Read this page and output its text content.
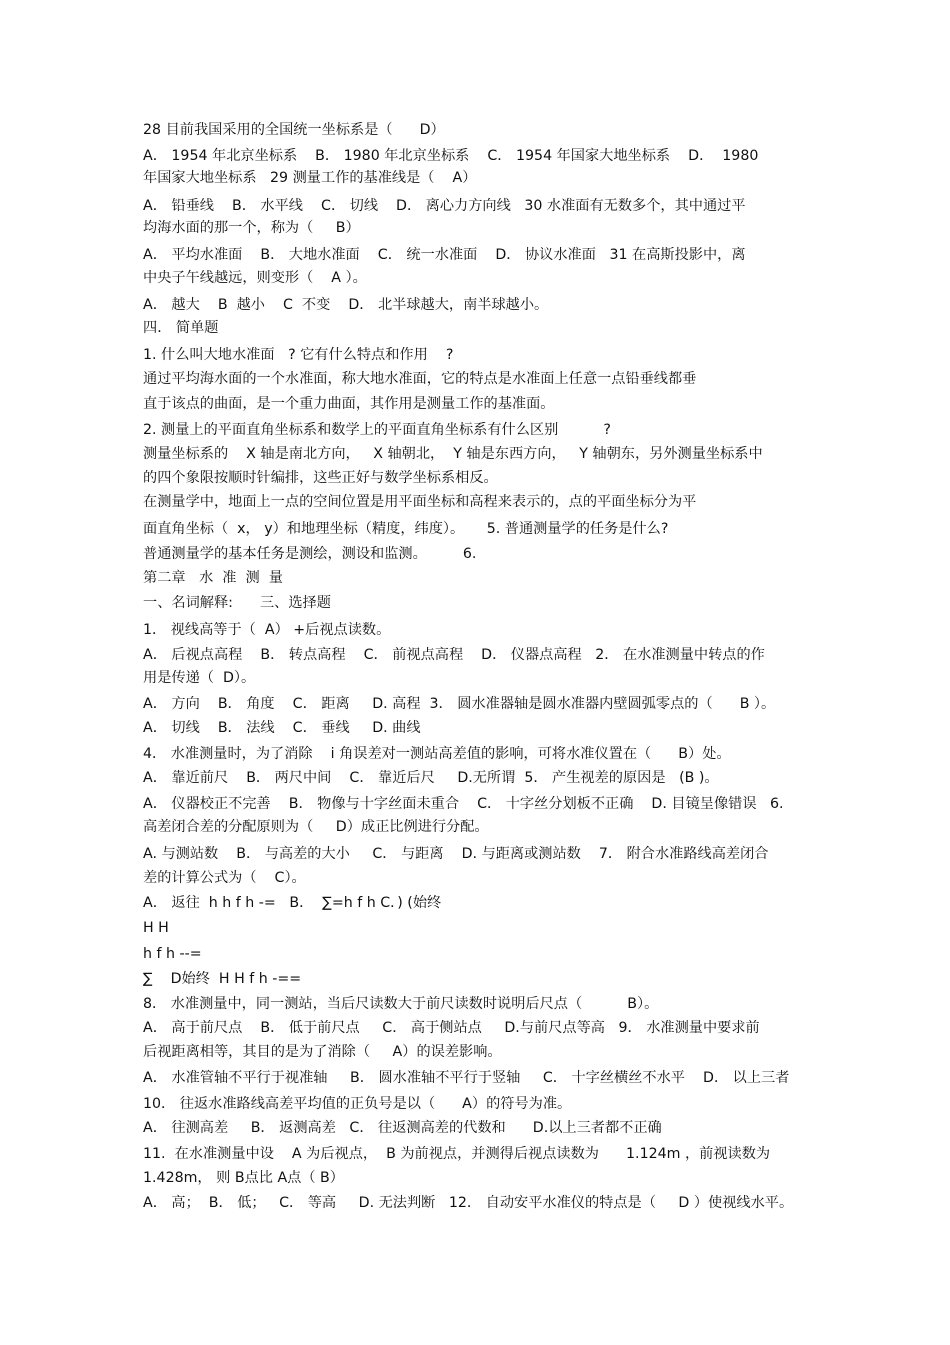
28 目前我国采用的全国统一坐标系是（      D）
A． 1954 年北京坐标系    B． 1980 年北京坐标系    C． 1954 年国家大地坐标系    D．  1980
年国家大地坐标系   29 测量工作的基准线是（    A）
A． 铅垂线    B． 水平线    C． 切线    D． 离心力方向线   30 水准面有无数多个，其中通过平
均海水面的那一个，称为（     B）
A． 平均水准面    B． 大地水准面    C． 统一水准面    D． 协议水准面   31 在高斯投影中，离
中央子午线越远，则变形（    A ）。
A． 越大    B  越小    C  不变    D． 北半球越大，南半球越小。
四． 简单题
1. 什么叫大地水准面   ? 它有什么特点和作用    ?
通过平均海水面的一个水准面，称大地水准面，它的特点是水准面上任意一点铅垂线都垂
直于该点的曲面，是一个重力曲面，其作用是测量工作的基准面。
2. 测量上的平面直角坐标系和数学上的平面直角坐标系有什么区别          ?
测量坐标系的    X 轴是南北方向，   X 轴朝北，  Y 轴是东西方向，   Y 轴朝东，另外测量坐标系中
的四个象限按顺时针编排，这些正好与数学坐标系相反。
在测量学中，地面上一点的空间位置是用平面坐标和高程来表示的，点的平面坐标分为平
面直角坐标（  x， y）和地理坐标（精度，纬度）。     5. 普通测量学的任务是什么?
普通测量学的基本任务是测绘，测设和监测。        6.
第二章   水  准  测  量
一、名词解释:      三、选择题
1． 视线高等于（  A） +后视点读数。
A． 后视点高程    B． 转点高程    C． 前视点高程    D． 仪器点高程   2． 在水准测量中转点的作
用是传递（  D）。
A． 方向    B． 角度    C． 距离     D. 高程  3． 圆水准器轴是圆水准器内壁圆弧零点的（      B ）。
A． 切线    B． 法线    C． 垂线     D. 曲线
4． 水准测量时，为了消除    i 角误差对一测站高差值的影响，可将水准仪置在（      B）处。
A． 靠近前尺    B． 两尺中间    C． 靠近后尺     D.无所谓  5． 产生视差的原因是   (B )。
A． 仪器校正不完善    B． 物像与十字丝面未重合    C． 十字丝分划板不正确    D. 目镜呈像错误   6.
高差闭合差的分配原则为（     D）成正比例进行分配。
A. 与测站数    B． 与高差的大小     C． 与距离    D. 与距离或测站数    7． 附合水准路线高差闭合
差的计算公式为（    C）。
A． 返往  h h f h -=   B．  ∑=h f h C．) (始终
H H
h f h --=
∑    D始终  H H f h -==
8． 水准测量中，同一测站，当后尺读数大于前尺读数时说明后尺点（          B）。
A． 高于前尺点    B． 低于前尺点     C． 高于侧站点     D.与前尺点等高   9． 水准测量中要求前
后视距离相等，其目的是为了消除（     A）的误差影响。
A． 水准管轴不平行于视准轴     B． 圆水准轴不平行于竖轴     C． 十字丝横丝不水平    D． 以上三者
10． 往返水准路线高差平均值的正负号是以（      A）的符号为准。
A． 往测高差     B． 返测高差   C． 往返测高差的代数和      D.以上三者都不正确
11.  在水准测量中设    A 为后视点，  B 为前视点，并测得后视点读数为      1.124m ，前视读数为
1.428m， 则 B点比 A点（ B）
A． 高；  B． 低；   C． 等高     D. 无法判断   12． 自动安平水准仪的特点是（     D ）使视线水平。
